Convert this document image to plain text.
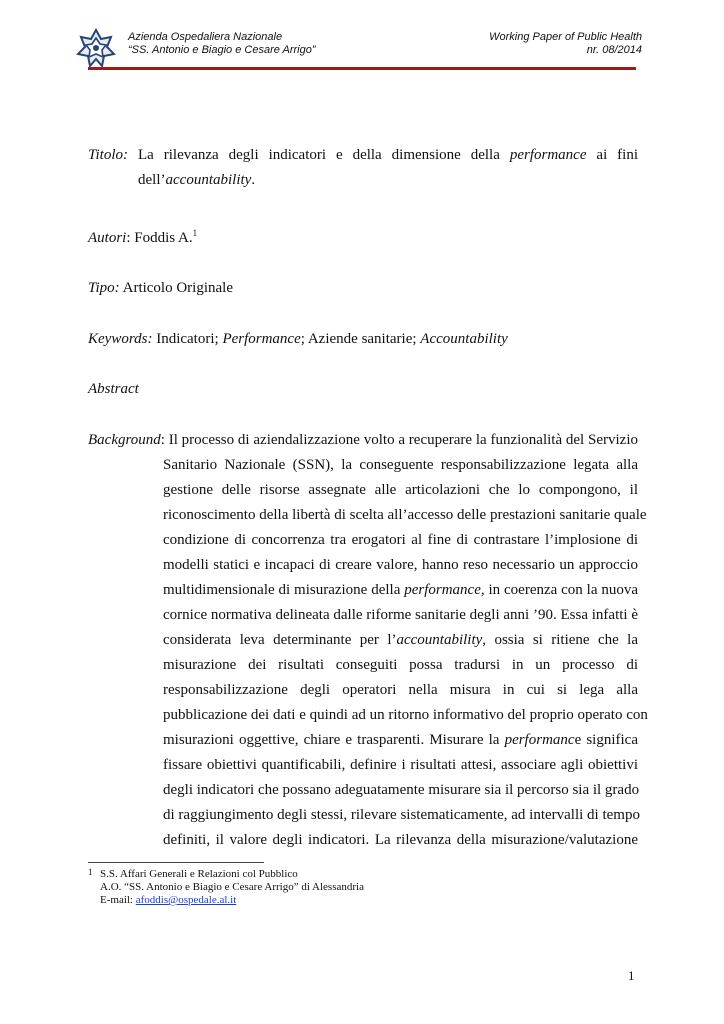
Azienda Ospedaliera Nazionale
“SS. Antonio e Biagio e Cesare Arrigo”
Working Paper of Public Health
nr. 08/2014
Titolo: La rilevanza degli indicatori e della dimensione della performance ai fini
dell’accountability.
Autori: Foddis A.$^1$
Tipo: Articolo Originale
Keywords: Indicatori; Performance; Aziende sanitarie; Accountability
Abstract
Background: Il processo di aziendalizzazione volto a recuperare la funzionalità del Servizio
Sanitario Nazionale (SSN), la conseguente responsabilizzazione legata alla
gestione delle risorse assegnate alle articolazioni che lo compongono, il
riconoscimento della libertà di scelta all’accesso delle prestazioni sanitarie quale
condizione di concorrenza tra erogatori al fine di contrastare l’implosione di
modelli statici e incapaci di creare valore, hanno reso necessario un approccio
multidimensionale di misurazione della performance, in coerenza con la nuova
cornice normativa delineata dalle riforme sanitarie degli anni ’90. Essa infatti è
considerata leva determinante per l’accountability, ossia si ritiene che la
misurazione dei risultati conseguiti possa tradursi in un processo di
responsabilizzazione degli operatori nella misura in cui si lega alla
pubblicazione dei dati e quindi ad un ritorno informativo del proprio operato con
misurazioni oggettive, chiare e trasparenti. Misurare la performance significa
fissare obiettivi quantificabili, definire i risultati attesi, associare agli obiettivi
degli indicatori che possano adeguatamente misurare sia il percorso sia il grado
di raggiungimento degli stessi, rilevare sistematicamente, ad intervalli di tempo
definiti, il valore degli indicatori. La rilevanza della misurazione/valutazione
1 S.S. Affari Generali e Relazioni col Pubblico
A.O. “SS. Antonio e Biagio e Cesare Arrigo” di Alessandria
E-mail: afoddis@ospedale.al.it
1
